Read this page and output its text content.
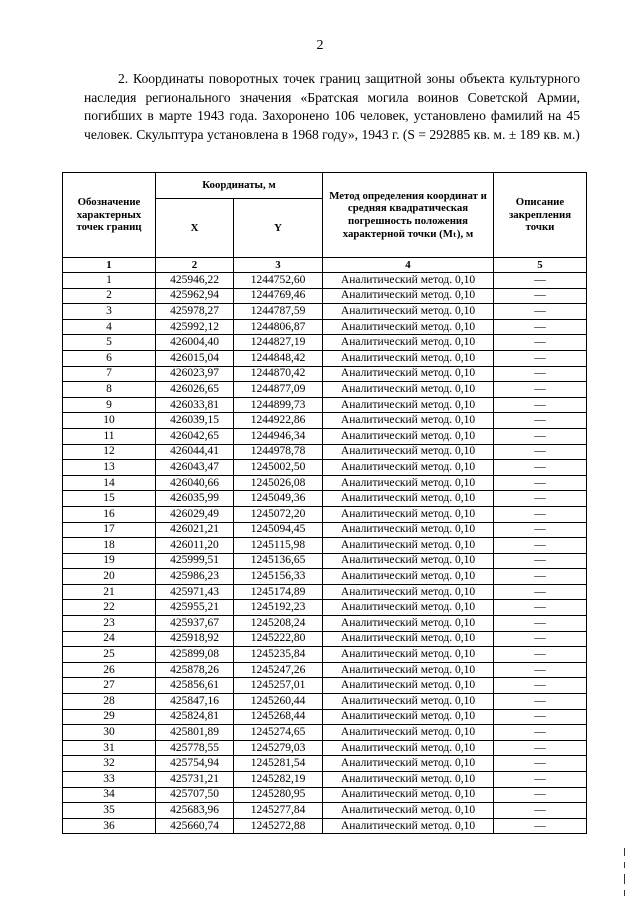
2

2. Координаты поворотных точек границ защитной зоны объекта культурного наследия регионального значения «Братская могила воинов Советской Армии, погибших в марте 1943 года. Захоронено 106 человек, установлено фамилий на 45 человек. Скульптура установлена в 1968 году», 1943 г. (S = 292885 кв. м. ± 189 кв. м.)

Обозначение характерных точек границ	Координаты, м		Метод определения координат и средняя квадратическая погрешность положения характерной точки (Mₜ), м	Описание закрепления точки
	X	Y		
1	2	3	4	5
1	425946,22	1244752,60	Аналитический метод. 0,10	—
2	425962,94	1244769,46	Аналитический метод. 0,10	—
3	425978,27	1244787,59	Аналитический метод. 0,10	—
4	425992,12	1244806,87	Аналитический метод. 0,10	—
5	426004,40	1244827,19	Аналитический метод. 0,10	—
6	426015,04	1244848,42	Аналитический метод. 0,10	—
7	426023,97	1244870,42	Аналитический метод. 0,10	—
8	426026,65	1244877,09	Аналитический метод. 0,10	—
9	426033,81	1244899,73	Аналитический метод. 0,10	—
10	426039,15	1244922,86	Аналитический метод. 0,10	—
11	426042,65	1244946,34	Аналитический метод. 0,10	—
12	426044,41	1244978,78	Аналитический метод. 0,10	—
13	426043,47	1245002,50	Аналитический метод. 0,10	—
14	426040,66	1245026,08	Аналитический метод. 0,10	—
15	426035,99	1245049,36	Аналитический метод. 0,10	—
16	426029,49	1245072,20	Аналитический метод. 0,10	—
17	426021,21	1245094,45	Аналитический метод. 0,10	—
18	426011,20	1245115,98	Аналитический метод. 0,10	—
19	425999,51	1245136,65	Аналитический метод. 0,10	—
20	425986,23	1245156,33	Аналитический метод. 0,10	—
21	425971,43	1245174,89	Аналитический метод. 0,10	—
22	425955,21	1245192,23	Аналитический метод. 0,10	—
23	425937,67	1245208,24	Аналитический метод. 0,10	—
24	425918,92	1245222,80	Аналитический метод. 0,10	—
25	425899,08	1245235,84	Аналитический метод. 0,10	—
26	425878,26	1245247,26	Аналитический метод. 0,10	—
27	425856,61	1245257,01	Аналитический метод. 0,10	—
28	425847,16	1245260,44	Аналитический метод. 0,10	—
29	425824,81	1245268,44	Аналитический метод. 0,10	—
30	425801,89	1245274,65	Аналитический метод. 0,10	—
31	425778,55	1245279,03	Аналитический метод. 0,10	—
32	425754,94	1245281,54	Аналитический метод. 0,10	—
33	425731,21	1245282,19	Аналитический метод. 0,10	—
34	425707,50	1245280,95	Аналитический метод. 0,10	—
35	425683,96	1245277,84	Аналитический метод. 0,10	—
36	425660,74	1245272,88	Аналитический метод. 0,10	—
